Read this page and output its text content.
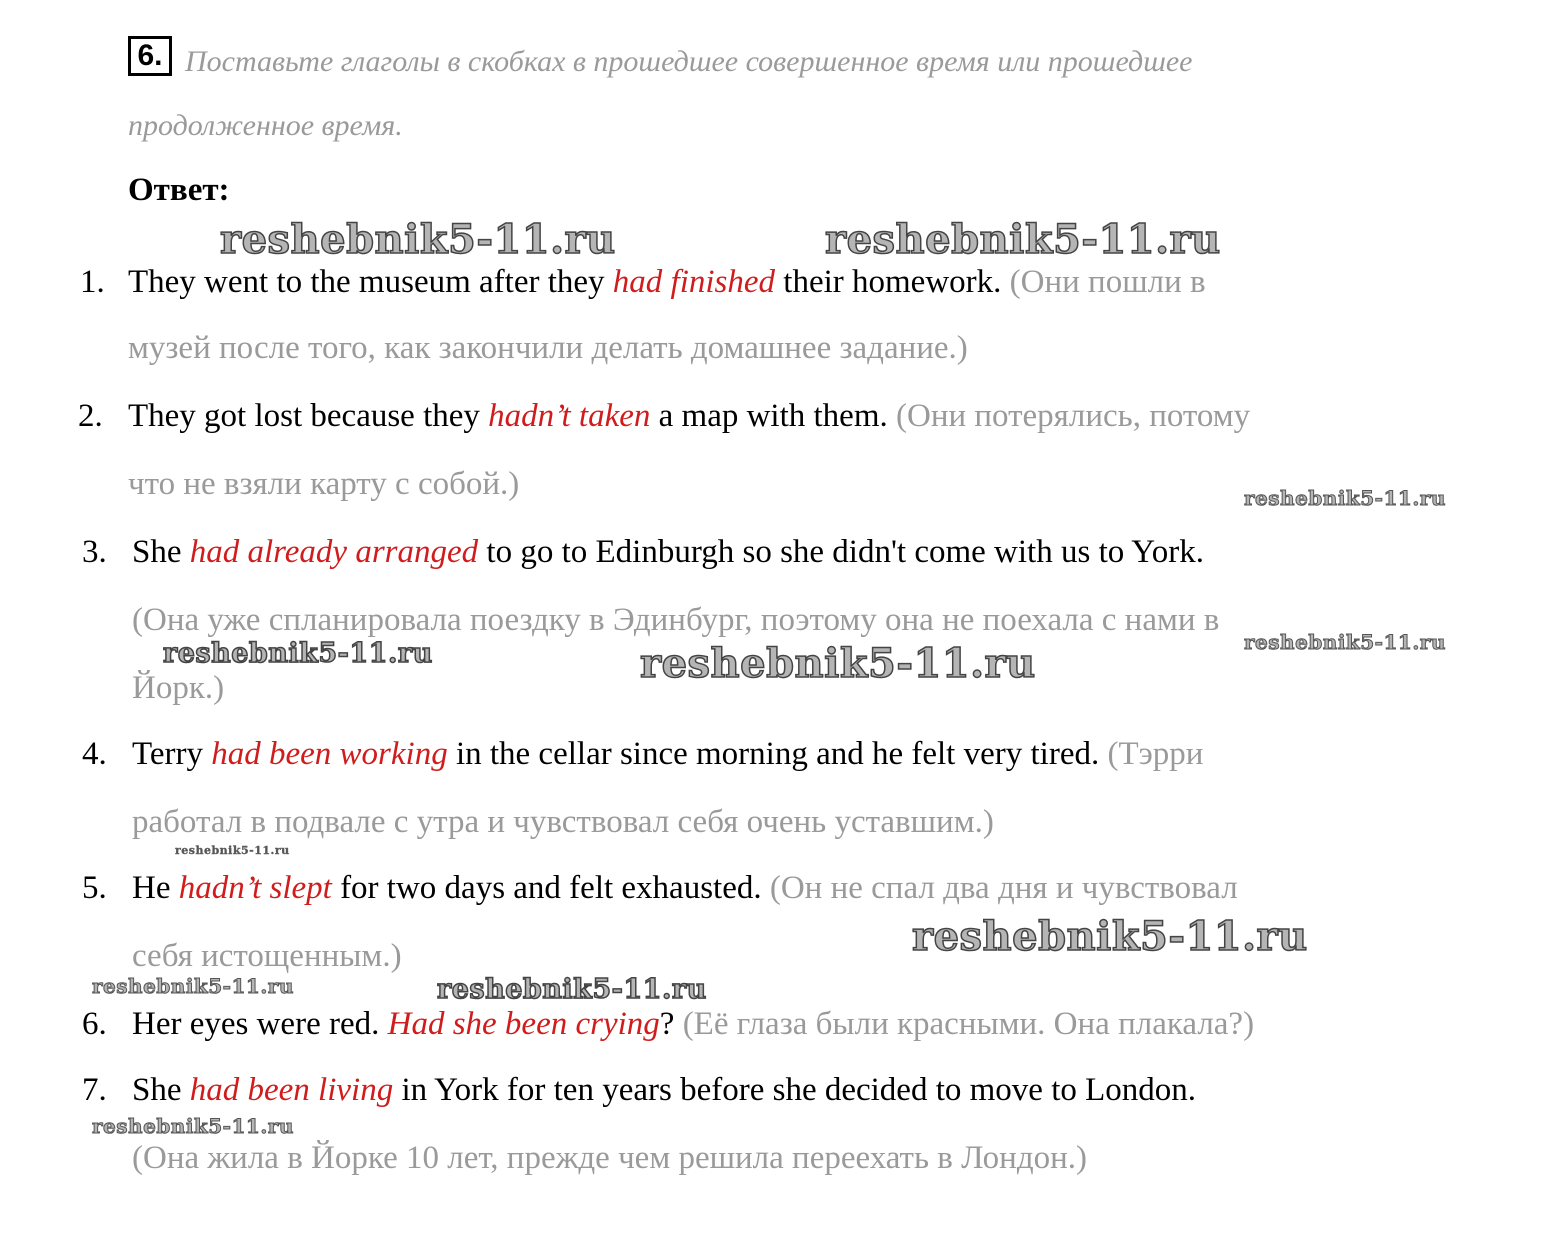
6. Поставьте глаголы в скобках в прошедшее совершенное время или прошедшее
продолженное время.

Ответ:
1. They went to the museum after they had finished their homework. (Они пошли в
музей после того, как закончили делать домашнее задание.)
2. They got lost because they hadn’t taken a map with them. (Они потерялись, потому
что не взяли карту с собой.)
3. She had already arranged to go to Edinburgh so she didn't come with us to York.
(Она уже спланировала поездку в Эдинбург, поэтому она не поехала с нами в
Йорк.)
4. Terry had been working in the cellar since morning and he felt very tired. (Тэрри
работал в подвале с утра и чувствовал себя очень уставшим.)
5. He hadn’t slept for two days and felt exhausted. (Он не спал два дня и чувствовал
себя истощенным.)
6. Her eyes were red. Had she been crying? (Её глаза были красными. Она плакала?)
7. She had been living in York for ten years before she decided to move to London.
(Она жила в Йорке 10 лет, прежде чем решила переехать в Лондон.)
reshebnik5-11.ru	reshebnik5-11.ru
reshebnik5-11.ru
reshebnik5-11.ru	reshebnik5-11.ru	reshebnik5-11.ru
reshebnik5-11.ru
reshebnik5-11.ru
reshebnik5-11.ru	reshebnik5-11.ru
reshebnik5-11.ru
